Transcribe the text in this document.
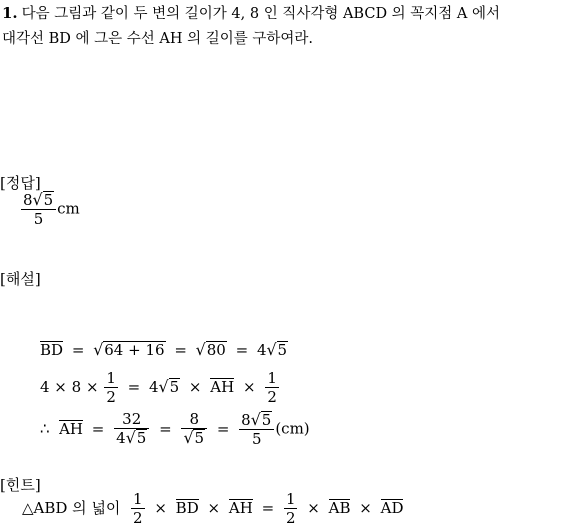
1. 다음 그림과 같이 두 변의 길이가 4, 8 인 직사각형 ABCD 의 꼭지점 A 에서
대각선 BD 에 그은 수선 AH 의 길이를 구하여라.
[정답]
$\frac{8√5}{5}$ cm
[해설]
BD = √64 + 16 = √80 = 4√5
$4 \times 8 \times \frac{1}{2} = 4√5$ × AH × $\frac{1}{2}$
∴ AH = $\frac{32}{4√5} = \frac{8}{√5} = \frac{8√5}{5} (cm)$
[힌트]
△ABD 의 넓이 $\frac{1}{2}$ × BD × AH = $\frac{1}{2}$ × AB × AD
